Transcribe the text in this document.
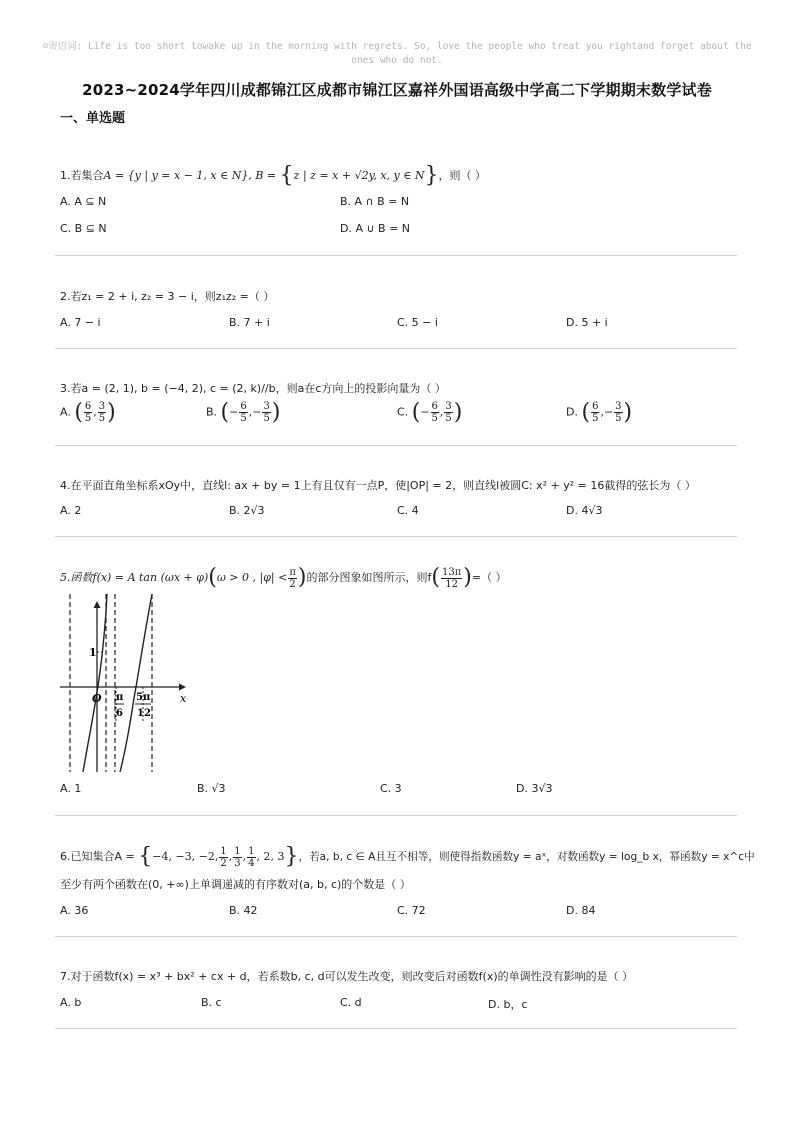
☺寄语词: Life is too short towake up in the morning with regrets. So, love the people who treat you rightand forget about the ones who do not.
2023~2024学年四川成都锦江区成都市锦江区嘉祥外国语高级中学高二下学期期末数学试卷
一、单选题
1.若集合A = {y | y = x − 1, x ∈ N}, B = {z | z = x + √2y, x, y ∈ N}，则（ ）
A. A ⊆ N	B. A ∩ B = N
C. B ⊆ N	D. A ∪ B = N
2.若z₁ = 2 + i, z₂ = 3 − i，则z₁z₂ =（ ）
A. 7 − i	B. 7 + i	C. 5 − i	D. 5 + i
3.若a = (2, 1), b = (−4, 2), c = (2, k)//b，则a在c方向上的投影向量为（ ）
A. ( $\frac{6}{5}$ , $\frac{3}{5}$ )	B. (− $\frac{6}{5}$ ,− $\frac{3}{5}$ )	C. (− $\frac{6}{5}$ , $\frac{3}{5}$ )	D. ( $\frac{6}{5}$ ,− $\frac{3}{5}$ )
4.在平面直角坐标系xOy中，直线l: ax + by = 1上有且仅有一点P，使|OP| = 2，则直线l被圆C: x² + y² = 16截得的弦长为（ ）
A. 2	B. 2√3	C. 4	D. 4√3
5.函数f(x) = A tan (ωx + φ)(ω > 0 , $|\varphi| < \frac{\pi}{2}$ )的部分图象如图所示，则$f( \frac{13\pi}{12}$ )=（ ）
1
O	x
π
6
5π
12
A. 1	B. √3	C. 3	D. 3√3
6.已知集合A = {−4, −3, −2, $\frac{1}{2}$ , $\frac{1}{3}$ , $\frac{1}{4}$ , 2, 3}，若a, b, c ∈ A且互不相等，则使得指数函数y = aˣ，对数函数y = log_b x，幂函数y = x^c中
至少有两个函数在(0, +∞)上单调递减的有序数对(a, b, c)的个数是（ ）
A. 36	B. 42	C. 72	D. 84
7.对于函数f(x) = x³ + bx² + cx + d，若系数b, c, d可以发生改变，则改变后对函数f(x)的单调性没有影响的是（ ）
A. b	B. c	C. d	D. b，c
